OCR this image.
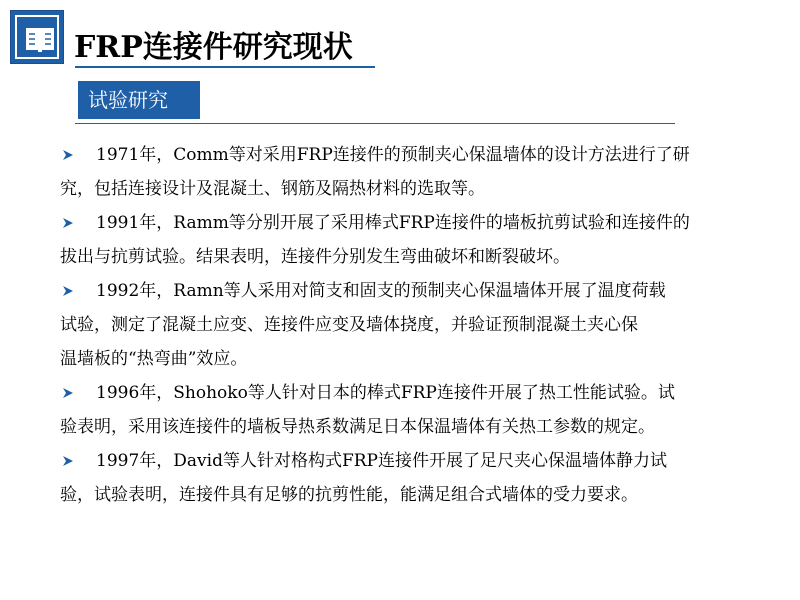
FRP连接件研究现状
试验研究
1971年，Comm等对采用FRP连接件的预制夹心保温墙体的设计方法进行了研
究，包括连接设计及混凝土、钢筋及隔热材料的选取等。
1991年，Ramm等分别开展了采用棒式FRP连接件的墙板抗剪试验和连接件的
拔出与抗剪试验。结果表明，连接件分别发生弯曲破坏和断裂破坏。
1992年，Ramn等人采用对简支和固支的预制夹心保温墙体开展了温度荷载
试验，测定了混凝土应变、连接件应变及墙体挠度，并验证预制混凝土夹心保
温墙板的“热弯曲”效应。
1996年，Shohoko等人针对日本的棒式FRP连接件开展了热工性能试验。试
验表明，采用该连接件的墙板导热系数满足日本保温墙体有关热工参数的规定。
1997年，David等人针对格构式FRP连接件开展了足尺夹心保温墙体静力试
验，试验表明，连接件具有足够的抗剪性能，能满足组合式墙体的受力要求。
